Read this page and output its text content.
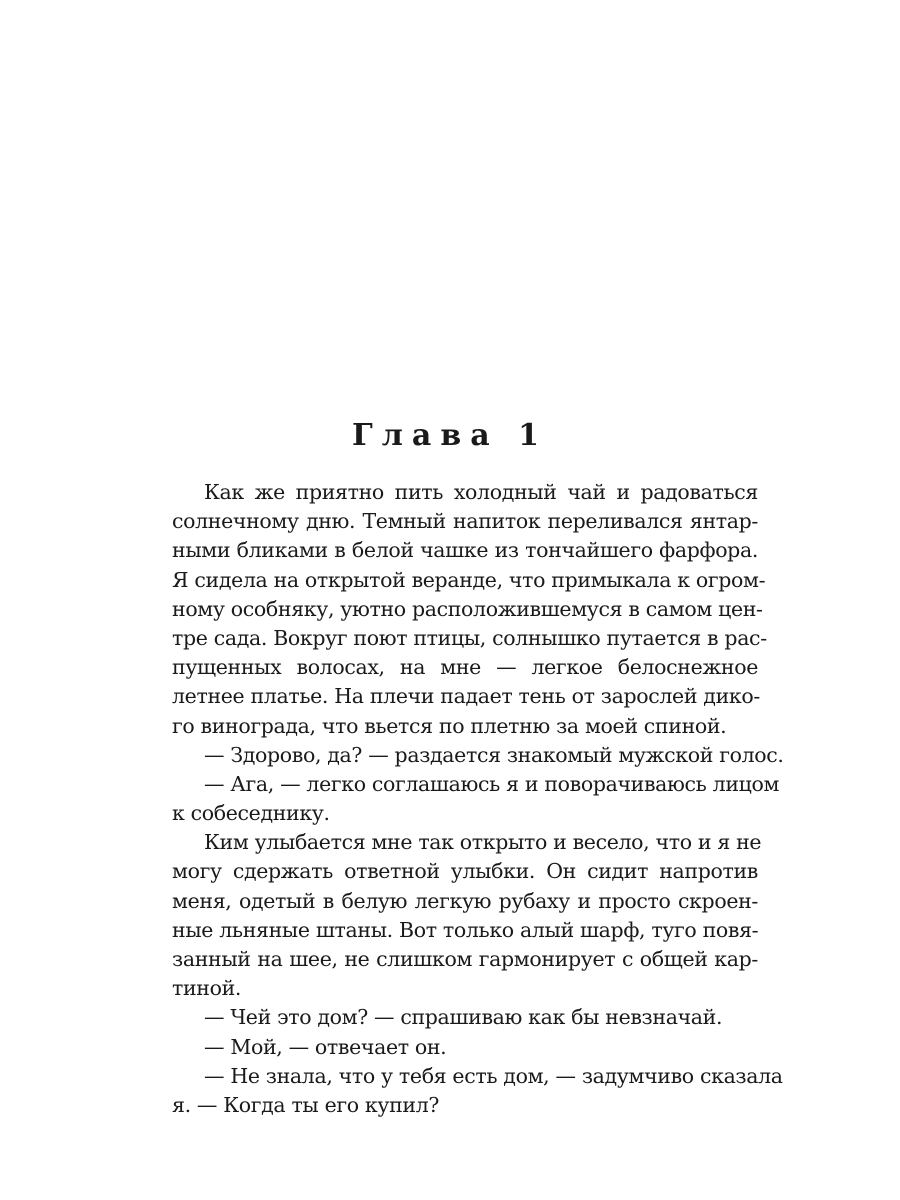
Глава 1
Как же приятно пить холодный чай и радоваться
солнечному дню. Темный напиток переливался янтар-
ными бликами в белой чашке из тончайшего фарфора.
Я сидела на открытой веранде, что примыкала к огром-
ному особняку, уютно расположившемуся в самом цен-
тре сада. Вокруг поют птицы, солнышко путается в рас-
пущенных волосах, на мне — легкое белоснежное
летнее платье. На плечи падает тень от зарослей дико-
го винограда, что вьется по плетню за моей спиной.
— Здорово, да? — раздается знакомый мужской голос.
— Ага, — легко соглашаюсь я и поворачиваюсь лицом
к собеседнику.
Ким улыбается мне так открыто и весело, что и я не
могу сдержать ответной улыбки. Он сидит напротив
меня, одетый в белую легкую рубаху и просто скроен-
ные льняные штаны. Вот только алый шарф, туго повя-
занный на шее, не слишком гармонирует с общей кар-
тиной.
— Чей это дом? — спрашиваю как бы невзначай.
— Мой, — отвечает он.
— Не знала, что у тебя есть дом, — задумчиво сказала
я. — Когда ты его купил?
